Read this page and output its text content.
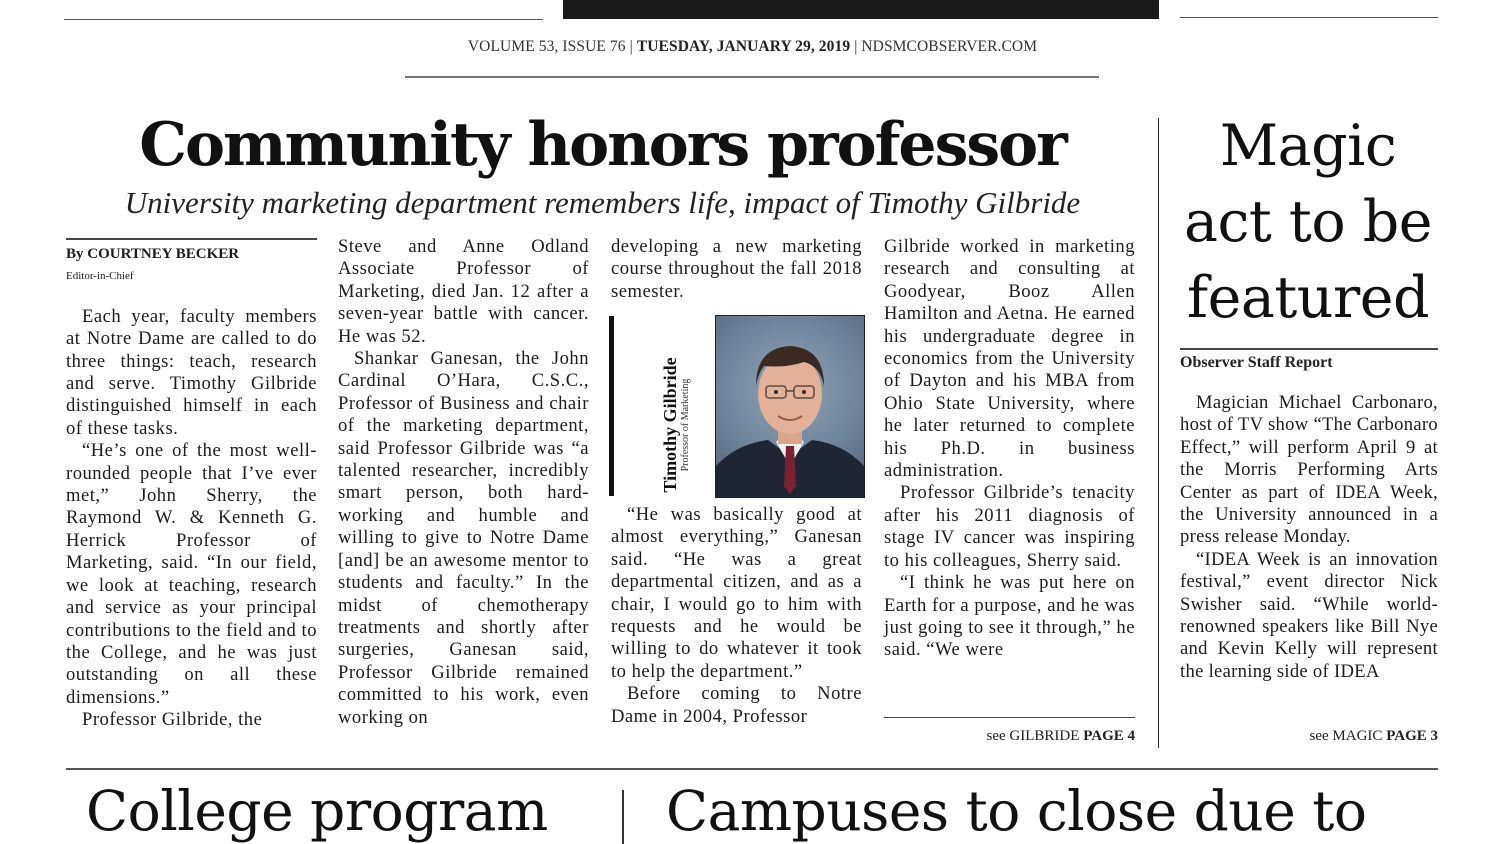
VOLUME 53, ISSUE 76 | TUESDAY, JANUARY 29, 2019 | NDSMCOBSERVER.COM
Community honors professor
University marketing department remembers life, impact of Timothy Gilbride
By COURTNEY BECKER
Editor-in-Chief

Each year, faculty members at Notre Dame are called to do three things: teach, research and serve. Timothy Gilbride distinguished himself in each of these tasks.

“He’s one of the most well-rounded people that I’ve ever met,” John Sherry, the Raymond W. & Kenneth G. Herrick Professor of Marketing, said. “In our field, we look at teaching, research and service as your principal contributions to the field and to the College, and he was just outstanding on all these dimensions.”

Professor Gilbride, the

Steve and Anne Odland Associate Professor of Marketing, died Jan. 12 after a seven-year battle with cancer. He was 52.

Shankar Ganesan, the John Cardinal O’Hara, C.S.C., Professor of Business and chair of the marketing department, said Professor Gilbride was “a talented researcher, incredibly smart person, both hard-working and humble and willing to give to Notre Dame [and] be an awesome mentor to students and faculty.” In the midst of chemotherapy treatments and shortly after surgeries, Ganesan said, Professor Gilbride remained committed to his work, even working on

developing a new marketing course throughout the fall 2018 semester.

Timothy Gilbride Professor of Marketing

“He was basically good at almost everything,” Ganesan said. “He was a great departmental citizen, and as a chair, I would go to him with requests and he would be willing to do whatever it took to help the department.”

Before coming to Notre Dame in 2004, Professor

Gilbride worked in marketing research and consulting at Goodyear, Booz Allen Hamilton and Aetna. He earned his undergraduate degree in economics from the University of Dayton and his MBA from Ohio State University, where he later returned to complete his Ph.D. in business administration.

Professor Gilbride’s tenacity after his 2011 diagnosis of stage IV cancer was inspiring to his colleagues, Sherry said.

“I think he was put here on Earth for a purpose, and he was just going to see it through,” he said. “We were

see GILBRIDE PAGE 4
Magic
act to be
featured
Observer Staff Report

Magician Michael Carbonaro, host of TV show “The Carbonaro Effect,” will perform April 9 at the Morris Performing Arts Center as part of IDEA Week, the University announced in a press release Monday.

“IDEA Week is an innovation festival,” event director Nick Swisher said. “While world-renowned speakers like Bill Nye and Kevin Kelly will represent the learning side of IDEA

see MAGIC PAGE 3
College program Campuses to close due to
